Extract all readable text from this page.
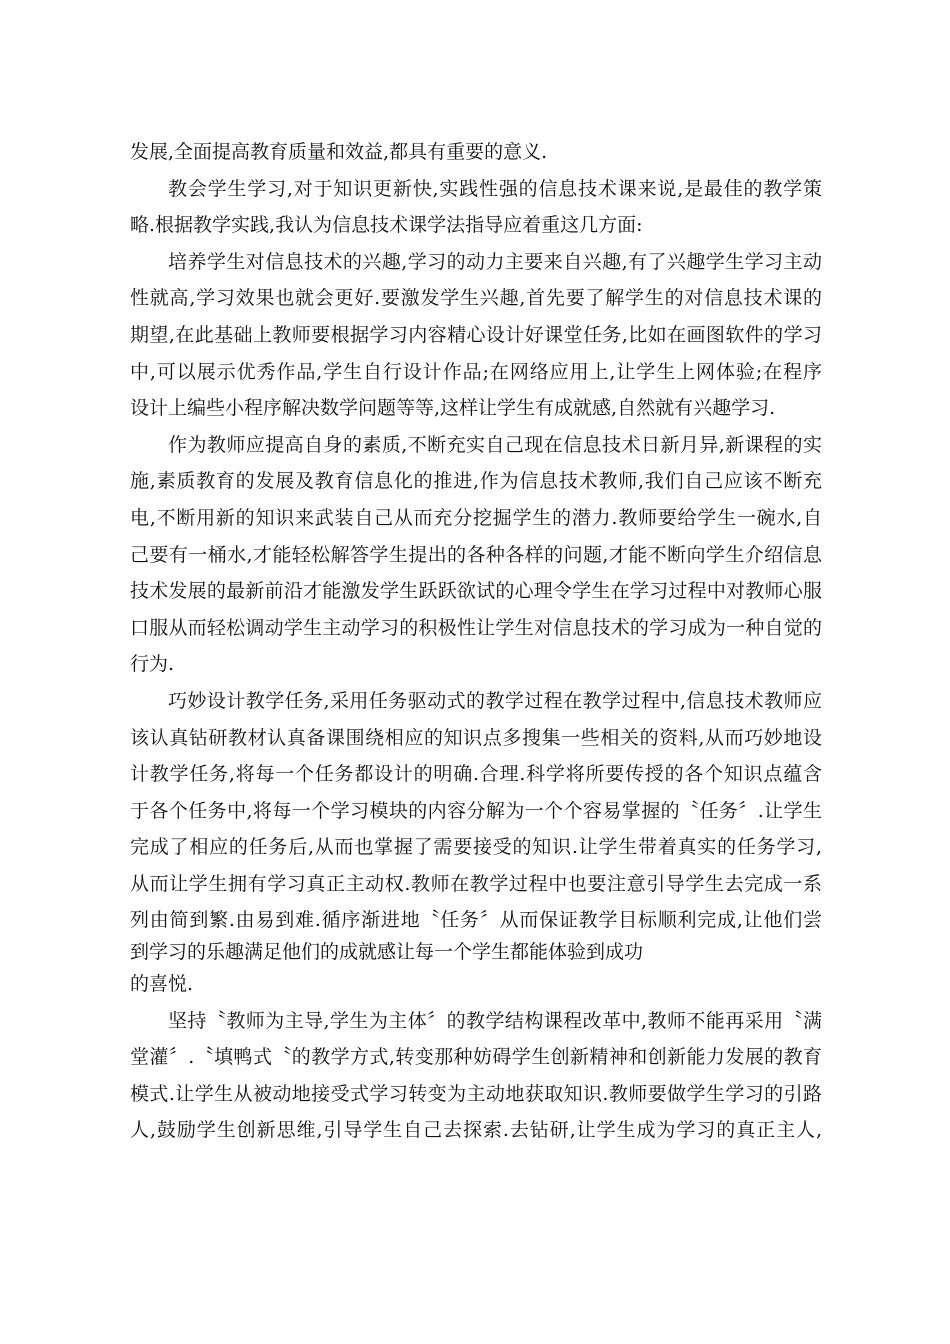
发展,全面提高教育质量和效益,都具有重要的意义.
教会学生学习,对于知识更新快,实践性强的信息技术课来说,是最佳的教学策
略.根据教学实践,我认为信息技术课学法指导应着重这几方面:
培养学生对信息技术的兴趣,学习的动力主要来自兴趣,有了兴趣学生学习主动
性就高,学习效果也就会更好.要激发学生兴趣,首先要了解学生的对信息技术课的
期望,在此基础上教师要根据学习内容精心设计好课堂任务,比如在画图软件的学习
中,可以展示优秀作品,学生自行设计作品;在网络应用上,让学生上网体验;在程序
设计上编些小程序解决数学问题等等,这样让学生有成就感,自然就有兴趣学习.
作为教师应提高自身的素质,不断充实自己现在信息技术日新月异,新课程的实
施,素质教育的发展及教育信息化的推进,作为信息技术教师,我们自己应该不断充
电,不断用新的知识来武装自己从而充分挖掘学生的潜力.教师要给学生一碗水,自
己要有一桶水,才能轻松解答学生提出的各种各样的问题,才能不断向学生介绍信息
技术发展的最新前沿才能激发学生跃跃欲试的心理令学生在学习过程中对教师心服
口服从而轻松调动学生主动学习的积极性让学生对信息技术的学习成为一种自觉的
行为.
巧妙设计教学任务,采用任务驱动式的教学过程在教学过程中,信息技术教师应
该认真钻研教材认真备课围绕相应的知识点多搜集一些相关的资料,从而巧妙地设
计教学任务,将每一个任务都设计的明确.合理.科学将所要传授的各个知识点蕴含
于各个任务中,将每一个学习模块的内容分解为一个个容易掌握的〝任务〞.让学生
完成了相应的任务后,从而也掌握了需要接受的知识.让学生带着真实的任务学习,
从而让学生拥有学习真正主动权.教师在教学过程中也要注意引导学生去完成一系
列由简到繁.由易到难.循序渐进地〝任务〞从而保证教学目标顺利完成,让他们尝
到学习的乐趣满足他们的成就感让每一个学生都能体验到成功
的喜悦.
坚持〝教师为主导,学生为主体〞的教学结构课程改革中,教师不能再采用〝满
堂灌〞.〝填鸭式〝的教学方式,转变那种妨碍学生创新精神和创新能力发展的教育
模式.让学生从被动地接受式学习转变为主动地获取知识.教师要做学生学习的引路
人,鼓励学生创新思维,引导学生自己去探索.去钻研,让学生成为学习的真正主人,
